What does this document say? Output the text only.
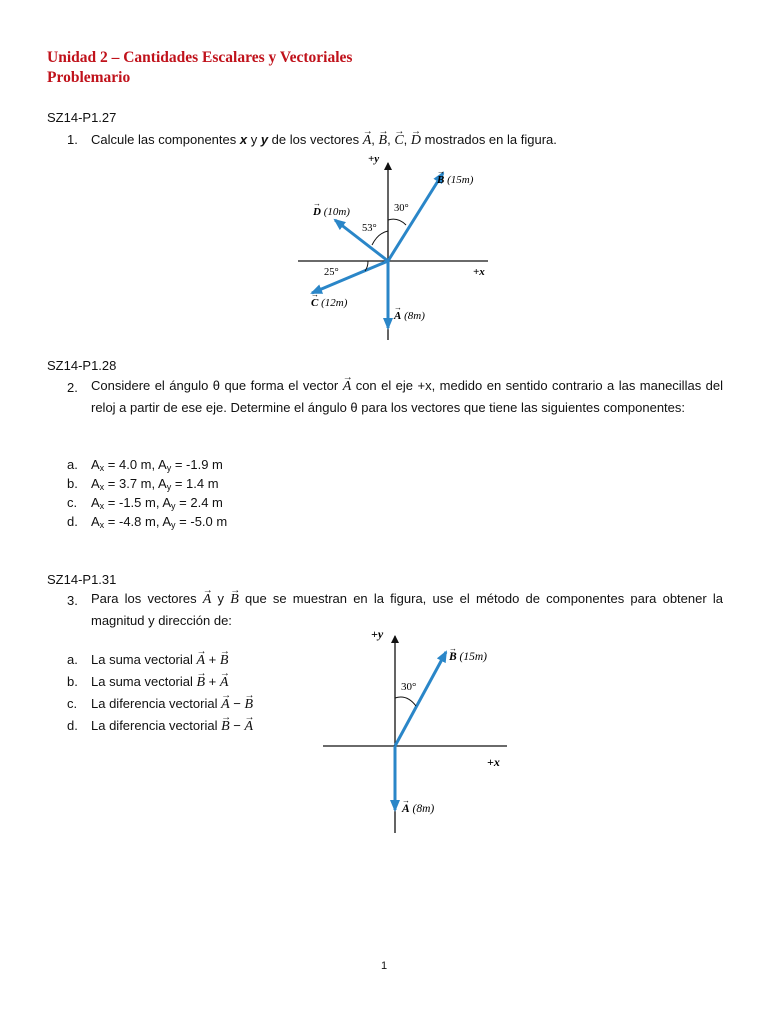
Unidad 2 – Cantidades Escalares y Vectoriales
Problemario
SZ14-P1.27
1. Calcule las componentes x y y de los vectores → A, → B, → C, → D mostrados en la figura.
+y
+x
30°
53°
25°
B (15m)
D (10m)
C (12m)
A (8m)
→
→
→
→
SZ14-P1.28
2. Considere el ángulo θ que forma el vector → A con el eje +x, medido en sentido contrario a las manecillas del reloj a partir de ese eje. Determine el ángulo θ para los vectores que tiene las siguientes componentes:
a. $A_x = 4.0$ m, $A_y = -1.9$ m
b. $A_x = 3.7$ m, $A_y = 1.4$ m
c. $A_x = -1.5$ m, $A_y = 2.4$ m
d. $A_x = -4.8$ m, $A_y = -5.0$ m
SZ14-P1.31
3. Para los vectores → A y → B que se muestran en la figura, use el método de componentes para obtener la magnitud y dirección de:
a. La suma vectorial → A + → B
b. La suma vectorial → B + → A
c. La diferencia vectorial → A − → B
d. La diferencia vectorial → B − → A
+y
+x
30°
B (15m)
A (8m)
→
→
1
